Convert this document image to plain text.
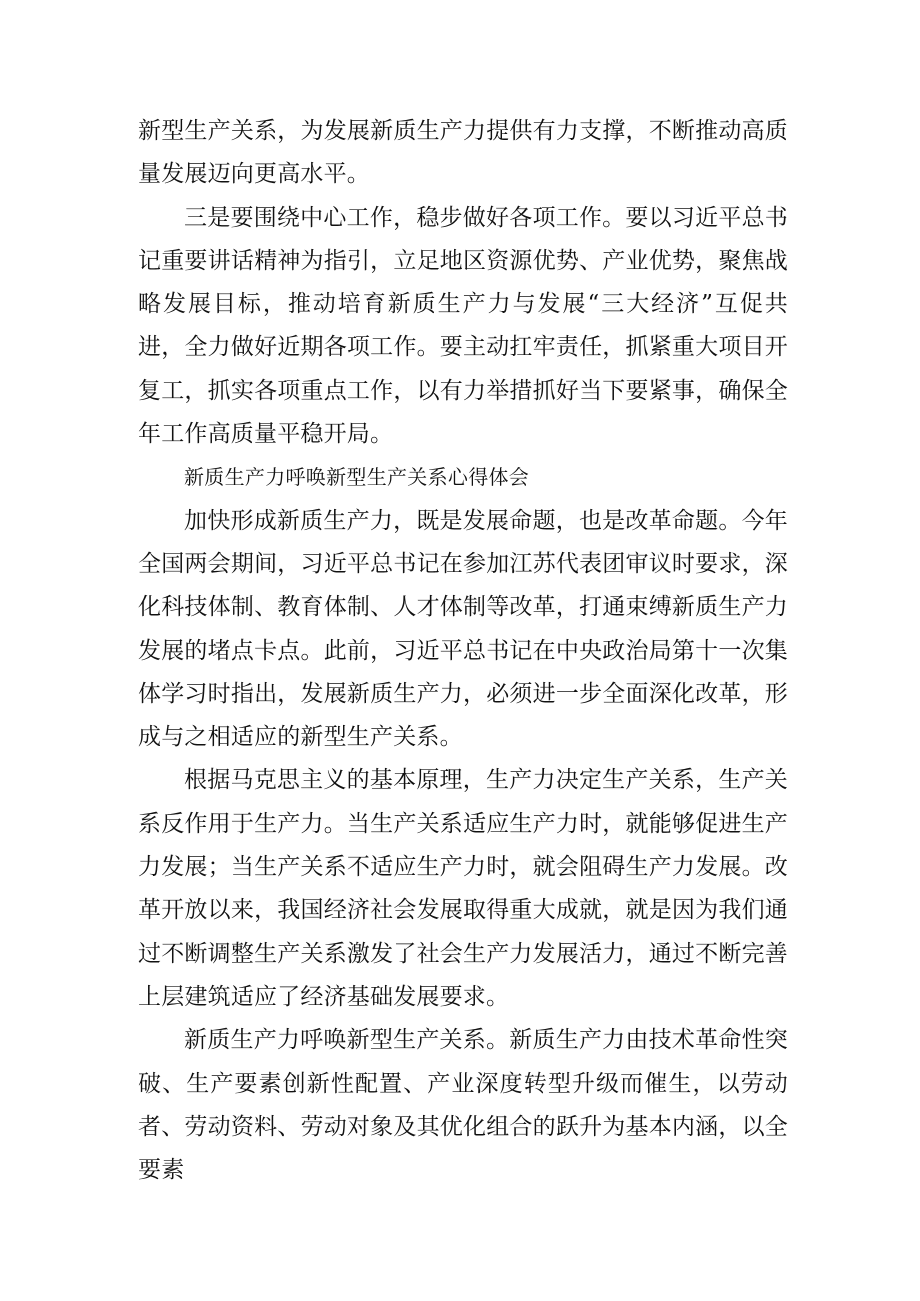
新型生产关系，为发展新质生产力提供有力支撑，不断推动高质量发展迈向更高水平。

三是要围绕中心工作，稳步做好各项工作。要以习近平总书记重要讲话精神为指引，立足地区资源优势、产业优势，聚焦战略发展目标，推动培育新质生产力与发展“三大经济”互促共进，全力做好近期各项工作。要主动扛牢责任，抓紧重大项目开复工，抓实各项重点工作，以有力举措抓好当下要紧事，确保全年工作高质量平稳开局。

新质生产力呼唤新型生产关系心得体会

加快形成新质生产力，既是发展命题，也是改革命题。今年全国两会期间，习近平总书记在参加江苏代表团审议时要求，深化科技体制、教育体制、人才体制等改革，打通束缚新质生产力发展的堵点卡点。此前，习近平总书记在中央政治局第十一次集体学习时指出，发展新质生产力，必须进一步全面深化改革，形成与之相适应的新型生产关系。

根据马克思主义的基本原理，生产力决定生产关系，生产关系反作用于生产力。当生产关系适应生产力时，就能够促进生产力发展；当生产关系不适应生产力时，就会阻碍生产力发展。改革开放以来，我国经济社会发展取得重大成就，就是因为我们通过不断调整生产关系激发了社会生产力发展活力，通过不断完善上层建筑适应了经济基础发展要求。

新质生产力呼唤新型生产关系。新质生产力由技术革命性突破、生产要素创新性配置、产业深度转型升级而催生，以劳动者、劳动资料、劳动对象及其优化组合的跃升为基本内涵，以全要素
